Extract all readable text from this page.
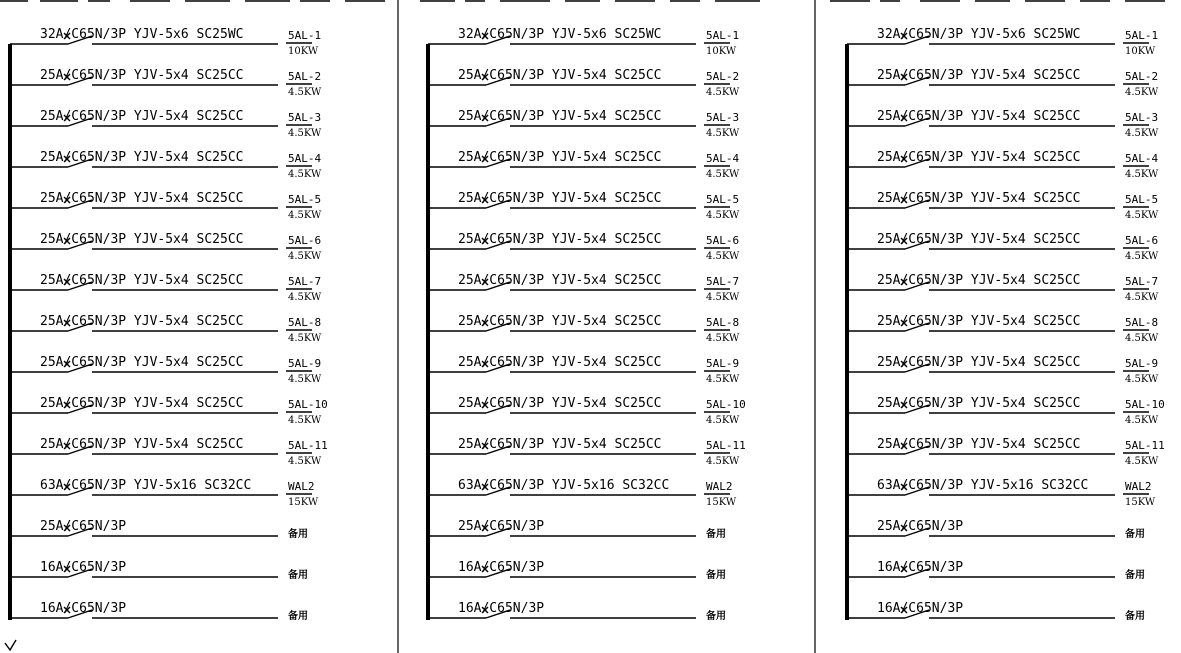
32A/C65N/3P YJV-5x6 SC25WC	5AL-1
10KW
25A/C65N/3P YJV-5x4 SC25CC	5AL-2
4.5KW
25A/C65N/3P YJV-5x4 SC25CC	5AL-3
4.5KW
25A/C65N/3P YJV-5x4 SC25CC	5AL-4
4.5KW
25A/C65N/3P YJV-5x4 SC25CC	5AL-5
4.5KW
25A/C65N/3P YJV-5x4 SC25CC	5AL-6
4.5KW
25A/C65N/3P YJV-5x4 SC25CC	5AL-7
4.5KW
25A/C65N/3P YJV-5x4 SC25CC	5AL-8
4.5KW
25A/C65N/3P YJV-5x4 SC25CC	5AL-9
4.5KW
25A/C65N/3P YJV-5x4 SC25CC	5AL-10
4.5KW
25A/C65N/3P YJV-5x4 SC25CC	5AL-11
4.5KW
63A/C65N/3P YJV-5x16 SC32CC	WAL2
15KW
25A/C65N/3P
备用
16A/C65N/3P
备用
16A/C65N/3P
备用
32A/C65N/3P YJV-5x6 SC25WC	5AL-1
10KW
25A/C65N/3P YJV-5x4 SC25CC	5AL-2
4.5KW
25A/C65N/3P YJV-5x4 SC25CC	5AL-3
4.5KW
25A/C65N/3P YJV-5x4 SC25CC	5AL-4
4.5KW
25A/C65N/3P YJV-5x4 SC25CC	5AL-5
4.5KW
25A/C65N/3P YJV-5x4 SC25CC	5AL-6
4.5KW
25A/C65N/3P YJV-5x4 SC25CC	5AL-7
4.5KW
25A/C65N/3P YJV-5x4 SC25CC	5AL-8
4.5KW
25A/C65N/3P YJV-5x4 SC25CC	5AL-9
4.5KW
25A/C65N/3P YJV-5x4 SC25CC	5AL-10
4.5KW
25A/C65N/3P YJV-5x4 SC25CC	5AL-11
4.5KW
63A/C65N/3P YJV-5x16 SC32CC	WAL2
15KW
25A/C65N/3P
备用
16A/C65N/3P
备用
16A/C65N/3P
备用
32A/C65N/3P YJV-5x6 SC25WC	5AL-1
10KW
25A/C65N/3P YJV-5x4 SC25CC	5AL-2
4.5KW
25A/C65N/3P YJV-5x4 SC25CC	5AL-3
4.5KW
25A/C65N/3P YJV-5x4 SC25CC	5AL-4
4.5KW
25A/C65N/3P YJV-5x4 SC25CC	5AL-5
4.5KW
25A/C65N/3P YJV-5x4 SC25CC	5AL-6
4.5KW
25A/C65N/3P YJV-5x4 SC25CC	5AL-7
4.5KW
25A/C65N/3P YJV-5x4 SC25CC	5AL-8
4.5KW
25A/C65N/3P YJV-5x4 SC25CC	5AL-9
4.5KW
25A/C65N/3P YJV-5x4 SC25CC	5AL-10
4.5KW
25A/C65N/3P YJV-5x4 SC25CC	5AL-11
4.5KW
63A/C65N/3P YJV-5x16 SC32CC	WAL2
15KW
25A/C65N/3P
备用
16A/C65N/3P
备用
16A/C65N/3P
备用
